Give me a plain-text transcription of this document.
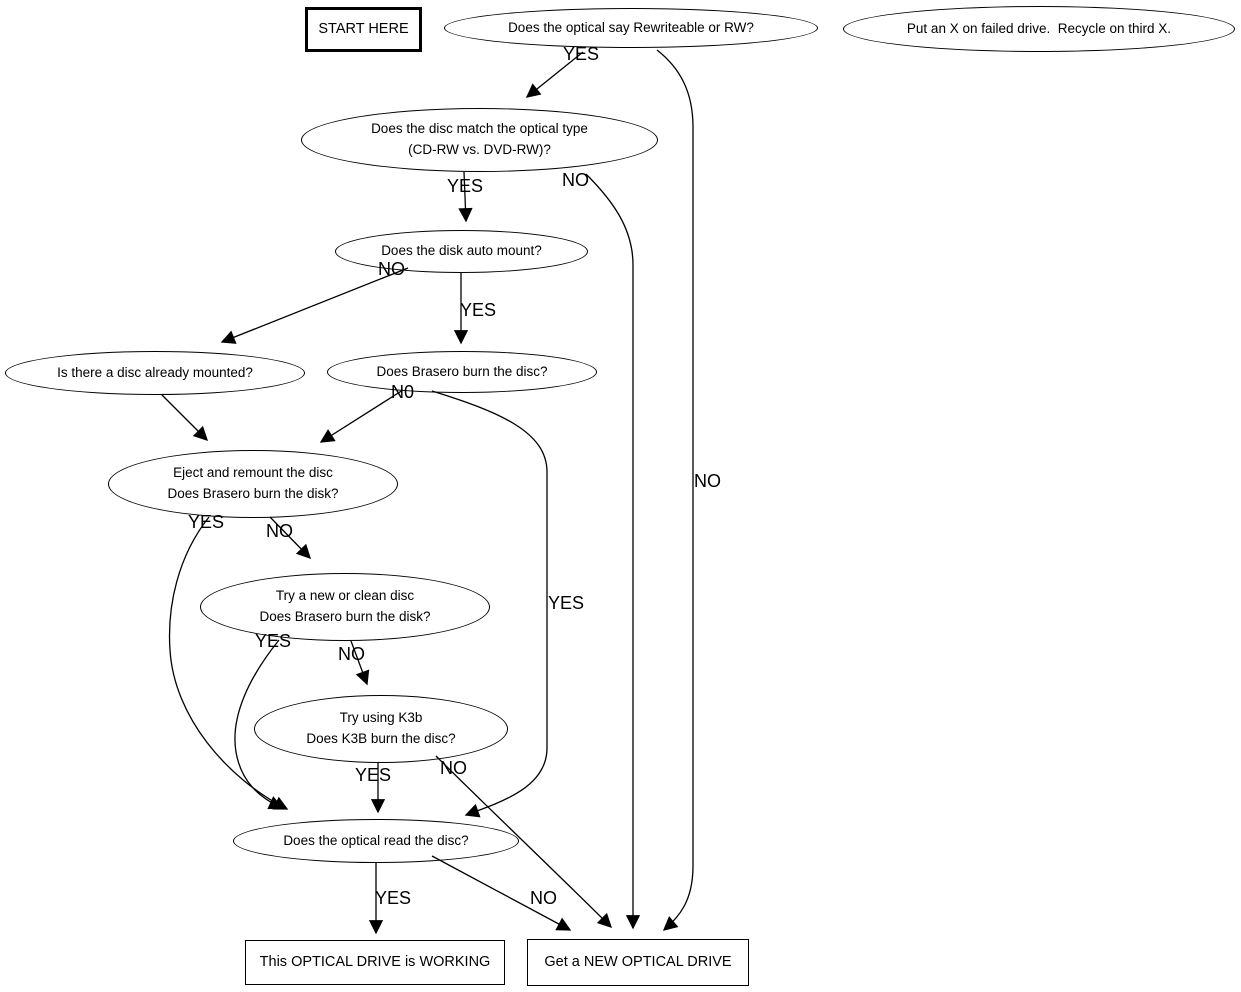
START HERE
This OPTICAL DRIVE is WORKING	Get a NEW OPTICAL DRIVE
Does the optical say Rewriteable or RW?	Put an X on failed drive.  Recycle on third X.
Does the disc match the optical type
(CD-RW vs. DVD-RW)?
Does the disk auto mount?
Is there a disc already mounted?	Does Brasero burn the disc?
Eject and remount the disc
Does Brasero burn the disk?
Try a new or clean disc
Does Brasero burn the disk?
Try using K3b
Does K3B burn the disc?
Does the optical read the disc?
YES
NO
YES	NO
NO
YES
N0
YES
YES NO
YES
NO
YES	NO
YES	NO
